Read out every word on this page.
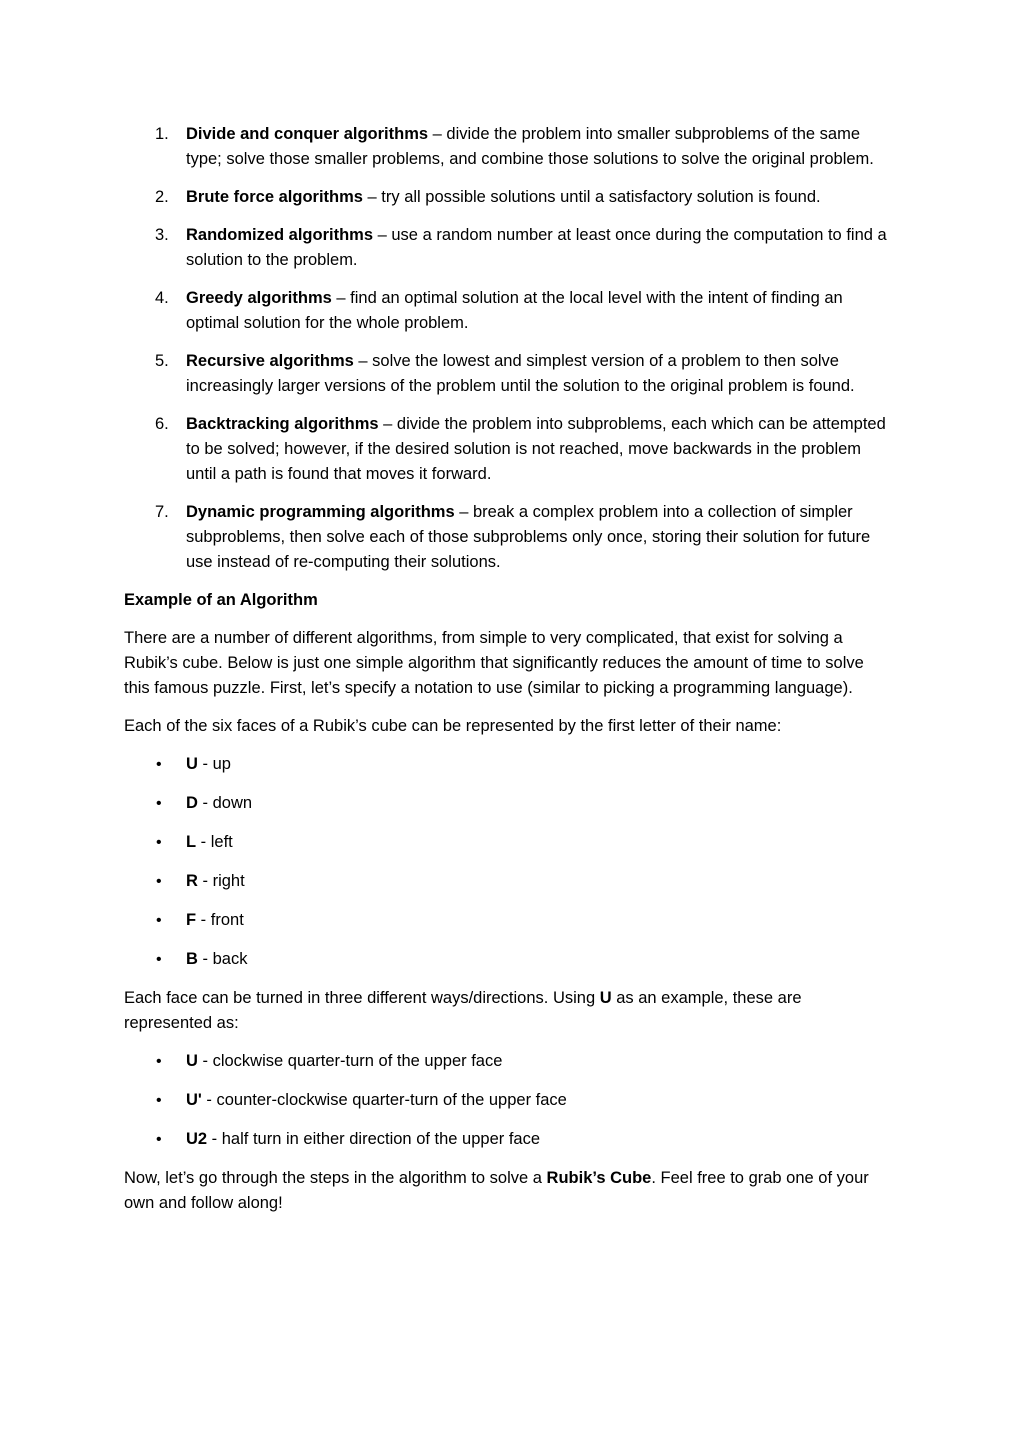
1. Divide and conquer algorithms – divide the problem into smaller subproblems of the same type; solve those smaller problems, and combine those solutions to solve the original problem.
2. Brute force algorithms – try all possible solutions until a satisfactory solution is found.
3. Randomized algorithms – use a random number at least once during the computation to find a solution to the problem.
4. Greedy algorithms – find an optimal solution at the local level with the intent of finding an optimal solution for the whole problem.
5. Recursive algorithms – solve the lowest and simplest version of a problem to then solve increasingly larger versions of the problem until the solution to the original problem is found.
6. Backtracking algorithms – divide the problem into subproblems, each which can be attempted to be solved; however, if the desired solution is not reached, move backwards in the problem until a path is found that moves it forward.
7. Dynamic programming algorithms – break a complex problem into a collection of simpler subproblems, then solve each of those subproblems only once, storing their solution for future use instead of re-computing their solutions.

Example of an Algorithm

There are a number of different algorithms, from simple to very complicated, that exist for solving a Rubik’s cube. Below is just one simple algorithm that significantly reduces the amount of time to solve this famous puzzle. First, let’s specify a notation to use (similar to picking a programming language).

Each of the six faces of a Rubik’s cube can be represented by the first letter of their name:

• U - up
• D - down
• L - left
• R - right
• F - front
• B - back

Each face can be turned in three different ways/directions. Using U as an example, these are represented as:

• U - clockwise quarter-turn of the upper face
• U' - counter-clockwise quarter-turn of the upper face
• U2 - half turn in either direction of the upper face

Now, let’s go through the steps in the algorithm to solve a Rubik’s Cube. Feel free to grab one of your own and follow along!
